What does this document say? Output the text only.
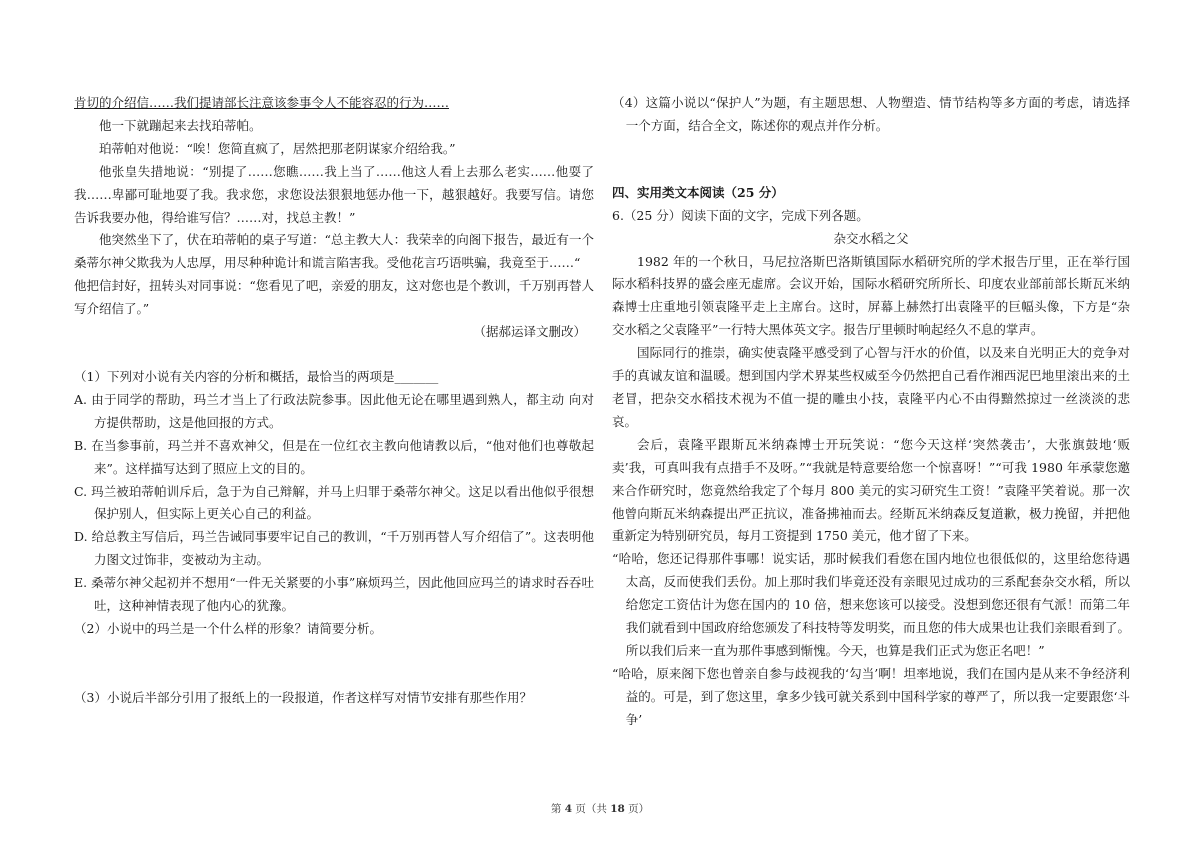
肯切的介绍信……我们提请部长注意该参事令人不能容忍的行为……

他一下就蹦起来去找珀蒂帕。

珀蒂帕对他说：“唉！您简直疯了，居然把那老阴谋家介绍给我。”

他张皇失措地说：“别提了……您瞧……我上当了……他这人看上去那么老实……他耍了我……卑鄙可耻地耍了我。我求您，求您设法狠狠地惩办他一下，越狠越好。我要写信。请您告诉我要办他，得给谁写信？……对，找总主教！”

他突然坐下了，伏在珀蒂帕的桌子写道：“总主教大人：我荣幸的向阁下报告，最近有一个桑蒂尔神父欺我为人忠厚，用尽种种诡计和谎言陷害我。受他花言巧语哄骗，我竟至于……“

他把信封好，扭转头对同事说：“您看见了吧，亲爱的朋友，这对您也是个教训，千万别再替人写介绍信了。”

（据郝运译文删改）

（1）下列对小说有关内容的分析和概括，最恰当的两项是_______

A. 由于同学的帮助，玛兰才当上了行政法院参事。因此他无论在哪里遇到熟人，都主动 向对方提供帮助，这是他回报的方式。

B. 在当参事前，玛兰并不喜欢神父，但是在一位红衣主教向他请教以后，“他对他们也尊敬起来”。这样描写达到了照应上文的目的。

C. 玛兰被珀蒂帕训斥后，急于为自己辩解，并马上归罪于桑蒂尔神父。这足以看出他似乎很想保护别人，但实际上更关心自己的利益。

D. 给总教主写信后，玛兰告诫同事要牢记自己的教训，“千万别再替人写介绍信了”。这表明他力图文过饰非，变被动为主动。

E. 桑蒂尔神父起初并不想用“一件无关紧要的小事”麻烦玛兰，因此他回应玛兰的请求时吞吞吐吐，这种神情表现了他内心的犹豫。

（2）小说中的玛兰是一个什么样的形象？请简要分析。

（3）小说后半部分引用了报纸上的一段报道，作者这样写对情节安排有那些作用？

（4）这篇小说以“保护人”为题，有主题思想、人物塑造、情节结构等多方面的考虑，请选择一个方面，结合全文，陈述你的观点并作分析。

四、实用类文本阅读（25 分）

6.（25 分）阅读下面的文字，完成下列各题。

杂交水稻之父

1982 年的一个秋日，马尼拉洛斯巴洛斯镇国际水稻研究所的学术报告厅里，正在举行国际水稻科技界的盛会座无虚席。会议开始，国际水稻研究所所长、印度农业部前部长斯瓦米纳森博士庄重地引领袁隆平走上主席台。这时，屏幕上赫然打出袁隆平的巨幅头像，下方是“杂交水稻之父袁隆平”一行特大黑体英文字。报告厅里顿时响起经久不息的掌声。

国际同行的推崇，确实使袁隆平感受到了心智与汗水的价值，以及来自光明正大的竞争对手的真诚友谊和温暖。想到国内学术界某些权威至今仍然把自己看作湘西泥巴地里滚出来的土老冒，把杂交水稻技术视为不值一提的雕虫小技，袁隆平内心不由得黯然掠过一丝淡淡的悲哀。

会后，袁隆平跟斯瓦米纳森博士开玩笑说：“您今天这样‘突然袭击’，大张旗鼓地‘贩卖’我，可真叫我有点措手不及呀。”“我就是特意要给您一个惊喜呀！”“可我 1980 年承蒙您邀来合作研究时，您竟然给我定了个每月 800 美元的实习研究生工资！”袁隆平笑着说。那一次他曾向斯瓦米纳森提出严正抗议，准备拂袖而去。经斯瓦米纳森反复道歉，极力挽留，并把他重新定为特别研究员，每月工资提到 1750 美元，他才留了下来。

“哈哈，您还记得那件事哪！说实话，那时候我们看您在国内地位也很低似的，这里给您待遇太高，反而使我们丢份。加上那时我们毕竟还没有亲眼见过成功的三系配套杂交水稻，所以给您定工资估计为您在国内的 10 倍，想来您该可以接受。没想到您还很有气派！而第二年我们就看到中国政府给您颁发了科技特等发明奖，而且您的伟大成果也让我们亲眼看到了。所以我们后来一直为那件事感到惭愧。今天，也算是我们正式为您正名吧！”

“哈哈，原来阁下您也曾亲自参与歧视我的‘勾当’啊！坦率地说，我们在国内是从来不争经济利益的。可是，到了您这里，拿多少钱可就关系到中国科学家的尊严了，所以我一定要跟您‘斗争’

第 4 页（共 18 页）
